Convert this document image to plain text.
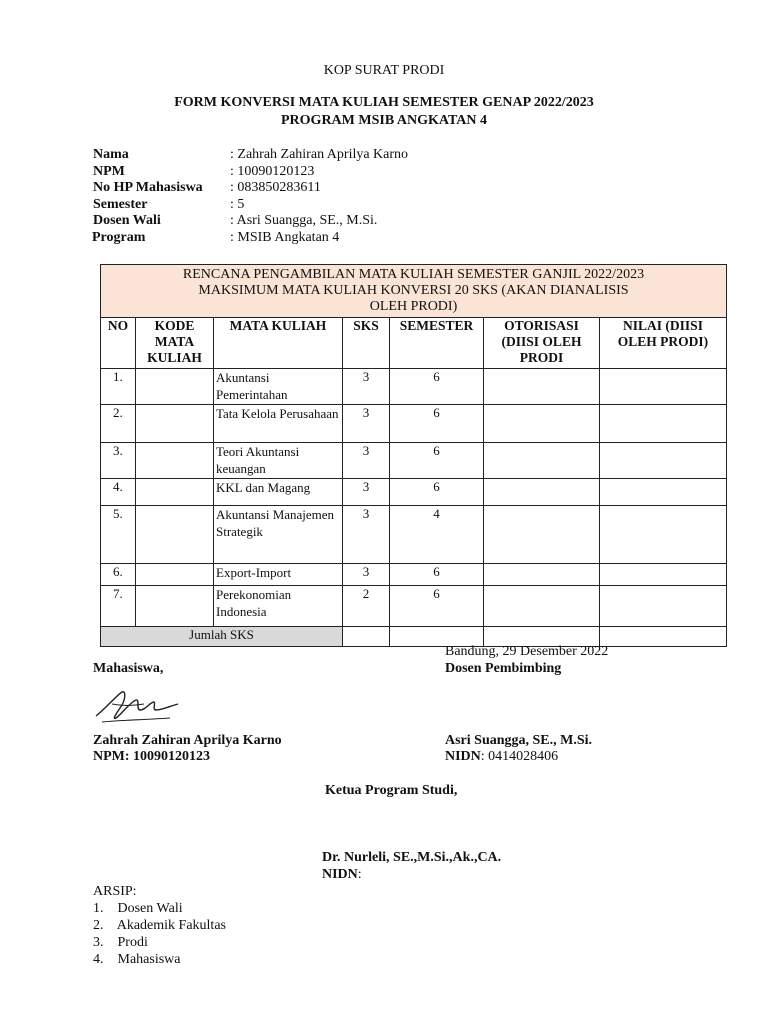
KOP SURAT PRODI
FORM KONVERSI MATA KULIAH SEMESTER GENAP 2022/2023
PROGRAM MSIB ANGKATAN 4
Nama	: Zahrah Zahiran Aprilya Karno
NPM	: 10090120123
No HP Mahasiswa : 083850283611
Semester	: 5
Dosen Wali	: Asri Suangga, SE., M.Si.
Program	: MSIB Angkatan 4
RENCANA PENGAMBILAN MATA KULIAH SEMESTER GANJIL 2022/2023
MAKSIMUM MATA KULIAH KONVERSI 20 SKS (AKAN DIANALISIS
OLEH PRODI)						

NO	KODE MATA KULIAH	MATA KULIAH	SKS	SEMESTER	OTORISASI (DIISI OLEH PRODI	NILAI (DIISI OLEH PRODI)
1.		Akuntansi Pemerintahan	3	6		
2.		Tata Kelola Perusahaan	3	6		
3.		Teori Akuntansi keuangan	3	6		
4.		KKL dan Magang	3	6		
5.		Akuntansi Manajemen Strategik	3	4		
6.		Export-Import	3	6		
7.		Perekonomian Indonesia	2	6		
Jumlah SKS						
Bandung, 29 Desember 2022
Mahasiswa,	Dosen Pembimbing
Zahrah Zahiran Aprilya Karno
NPM: 10090120123
Asri Suangga, SE., M.Si.
NIDN: 0414028406
Ketua Program Studi,
Dr. Nurleli, SE.,M.Si.,Ak.,CA.
NIDN:
ARSIP:
1.    Dosen Wali
2.    Akademik Fakultas
3.    Prodi
4.    Mahasiswa
